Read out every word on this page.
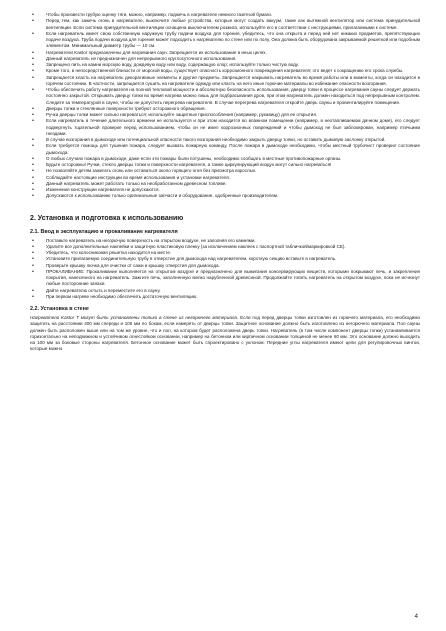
• Чтобы произвести грубую оценку тяги, можно, например, поджечь в нагревателе немного газетной бумаги.
• Перед тем, как зажечь огонь в нагревателе, выключите любые устройства, которые могут создать вакуум, такие как вытяжной вентилятор или система принудительной вентиляции. Если система принудительной вентиляции оснащена выключателем розжига, используйте его в соответствии с инструкциями, прилагаемыми к системе.
• Если нагреватель имеет свою собственную наружную трубу подачи воздуха для горения, убедитесь, что она открыта и перед ней нет никаких предметов, препятствующих подаче воздуха. Труба подачи воздуха для горения может подходить к нагревателю по стене или по полу. Она должна быть оборудована закрываемой решеткой или подобным элементом. Минимальный диаметр трубы — 10 см.
• Нагреватели Kastor предназначены для нагревания саун. Запрещается их использование в иных целях.
• Данный нагреватель не предназначен для непрерывного круглосуточного использования.
• Запрещено пить на камни морскую воду, дождевую воду или воду, содержащую хлор; используйте только чистую воду.
• Кроме того, в непосредственной близости от морской воды, существует опасность коррозионного повреждения нагревателя; это ведет к сокращению его срока службы.
• Запрещается класть на нагреватель декоративные элементы и другие предметы. Запрещается накрывать нагреватель во время работы или в моменты, когда он находится в горячем состоянии. В частности, запрещается сушить на нагревателе одежду или класть на него иные горючие материалы во избежание опасности возгорания.
• Чтобы обеспечить работу нагревателя на полной тепловой мощности и абсолютную безопасность использования, дверцу топки в процессе нагревания сауны следует держать постоянно закрытой. Открывать дверцу топки во время нагрева можно лишь для подбрасывания дров, при этом нагреватель должен находиться под непрерывным контролем. Следите за температурой в сауне, чтобы не допустить перегрева нагревателя. В случае перегрева нагревателя откройте дверь сауны и провентилируйте помещение.
• Дверцы топки и стеклянные поверхности требуют осторожного обращения.
• Ручка дверцы топки может сильно нагреваться; используйте защитные приспособления (например, рукавицу) для ее открытия.
• Если нагреватель в течение длительного времени не используется и при этом находится во влажном помещении (например, в неотапливаемом дачном доме), его следует подвергнуть тщательной проверке перед использованием, чтобы он не имел коррозионных повреждений и чтобы дымоход не был заблокирован, например птичьими гнездами.
• В случае возгорания в дымоходе или потенциальной опасности такого возгорания необходимо закрыть дверцу топки, но оставить дымовую заслонку открытой.
• Если требуется помощь для тушения пожара, следует вызвать пожарную команду. После пожара в дымоходе необходимо, чтобы местный трубочист проверил состояние дымохода.
• О любых случаях пожара в дымоходе, даже если эти пожары были потушены, необходимо сообщать в местные противопожарные органы.
• Будьте осторожны! Ручки, стекло дверцы топки и поверхности нагревателя, а также циркулирующий воздух могут сильно нагреваться!
• Не позволяйте детям зажигать огонь или оставаться около горящего огня без присмотра взрослых.
• Соблюдайте настоящие инструкции во время использования и установки нагревателя.
• Данный нагреватель может работать только на необработанном древесном топливе.
• Изменения конструкции нагревателя не допускаются.
• Допускаются к использованию только оригинальные запчасти и оборудование, одобренные производителем.
2. Установка и подготовка к использованию
2.1. Ввод в эксплуатацию и прокаливание нагревателя
• Поставьте нагреватель на негорючую поверхность на открытом воздухе, не заполняя его камнями.
• Удалите все дополнительные наклейки и защитную пластиковую пленку (за исключением наклеек с паспортной табличкой/маркировкой CE).
• Убедитесь, что колосниковая решетка находится на месте.
• Установите прилагаемую соединительную трубу в отверстие для дымохода над нагревателем, короткую секцию вставьте в нагреватель.
• Проверьте крышку лючка для очистки от сажи и крышку отверстия для дымохода.
• ПРОКАЛИВАНИЕ: Прокаливание выполняется на открытом воздухе и предназначено для выжигания консервирующих веществ, которыми покрывают печь, и закрепления покрытия, нанесенного на нагреватель. Зажгите печь, заполненную мелко нарубленной древесиной. Продолжайте топить нагреватель на открытом воздухе, пока не исчезнут любые посторонние запахи.
• Дайте нагревателю остыть и переместите его в сауну.
• При первом нагреве необходимо обеспечить достаточную вентиляцию.
2.2. Установка в стене

Нагреватели Kastor T могут быть установлены только в стене из негорючего материала. Если под перед дверцы топки изготовлен из горючего материала, его необходимо защитить на расстоянии 400 мм спереди и 100 мм по бокам, если измерять от дверцы топки. Защитное основание должно быть изготовлено из негорючего материала. Пол сауны должен быть расположен выше или на том же уровне, что и пол, на котором будет расположена дверь топки. Нагреватель (в том числе компонент дверцы топки) устанавливается горизонтально на неподвижном и устойчивом огнестойком основании, например на бетонном или кирпичном основании толщиной не менее 60 мм. Это основание должно выходить на 100 мм за боковые стороны нагревателя. Бетонное основание может быть спроектировано с уклоном. Передние углы нагревателя имеют цели для регулировочных винтов, которые можно

4
